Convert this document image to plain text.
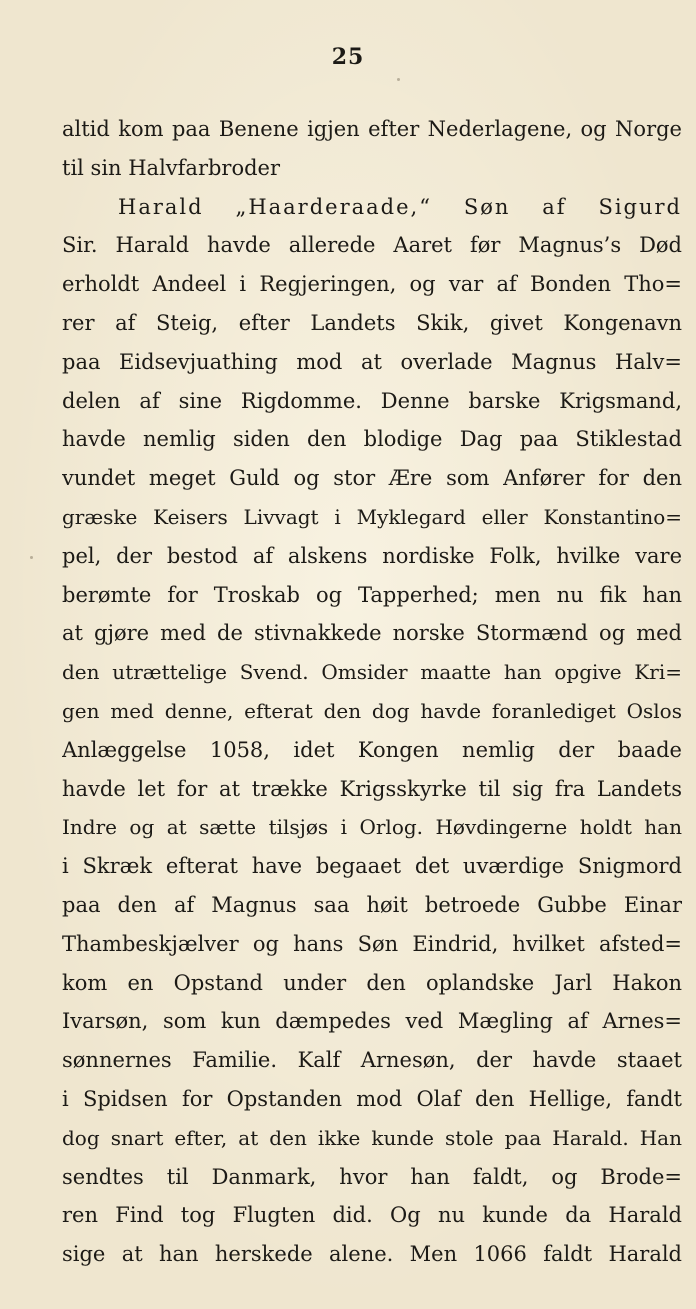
25
altid kom paa Benene igjen efter Nederlagene, og Norge
til sin Halvfarbroder
Harald „Haarderaade,“ Søn af Sigurd
Sir. Harald havde allerede Aaret før Magnus’s Død
erholdt Andeel i Regjeringen, og var af Bonden Tho=
rer af Steig, efter Landets Skik, givet Kongenavn
paa Eidsevjuathing mod at overlade Magnus Halv=
delen af sine Rigdomme. Denne barske Krigsmand,
havde nemlig siden den blodige Dag paa Stiklestad
vundet meget Guld og stor Ære som Anfører for den
græske Keisers Livvagt i Myklegard eller Konstantino=
pel, der bestod af alskens nordiske Folk, hvilke vare
berømte for Troskab og Tapperhed; men nu fik han
at gjøre med de stivnakkede norske Stormænd og med
den utrættelige Svend. Omsider maatte han opgive Kri=
gen med denne, efterat den dog havde foranlediget Oslos
Anlæggelse 1058, idet Kongen nemlig der baade
havde let for at trække Krigsskyrke til sig fra Landets
Indre og at sætte tilsjøs i Orlog. Høvdingerne holdt han
i Skræk efterat have begaaet det uværdige Snigmord
paa den af Magnus saa høit betroede Gubbe Einar
Thambeskjælver og hans Søn Eindrid, hvilket afsted=
kom en Opstand under den oplandske Jarl Hakon
Ivarsøn, som kun dæmpedes ved Mægling af Arnes=
sønnernes Familie. Kalf Arnesøn, der havde staaet
i Spidsen for Opstanden mod Olaf den Hellige, fandt
dog snart efter, at den ikke kunde stole paa Harald. Han
sendtes til Danmark, hvor han faldt, og Brode=
ren Find tog Flugten did. Og nu kunde da Harald
sige at han herskede alene. Men 1066 faldt Harald
